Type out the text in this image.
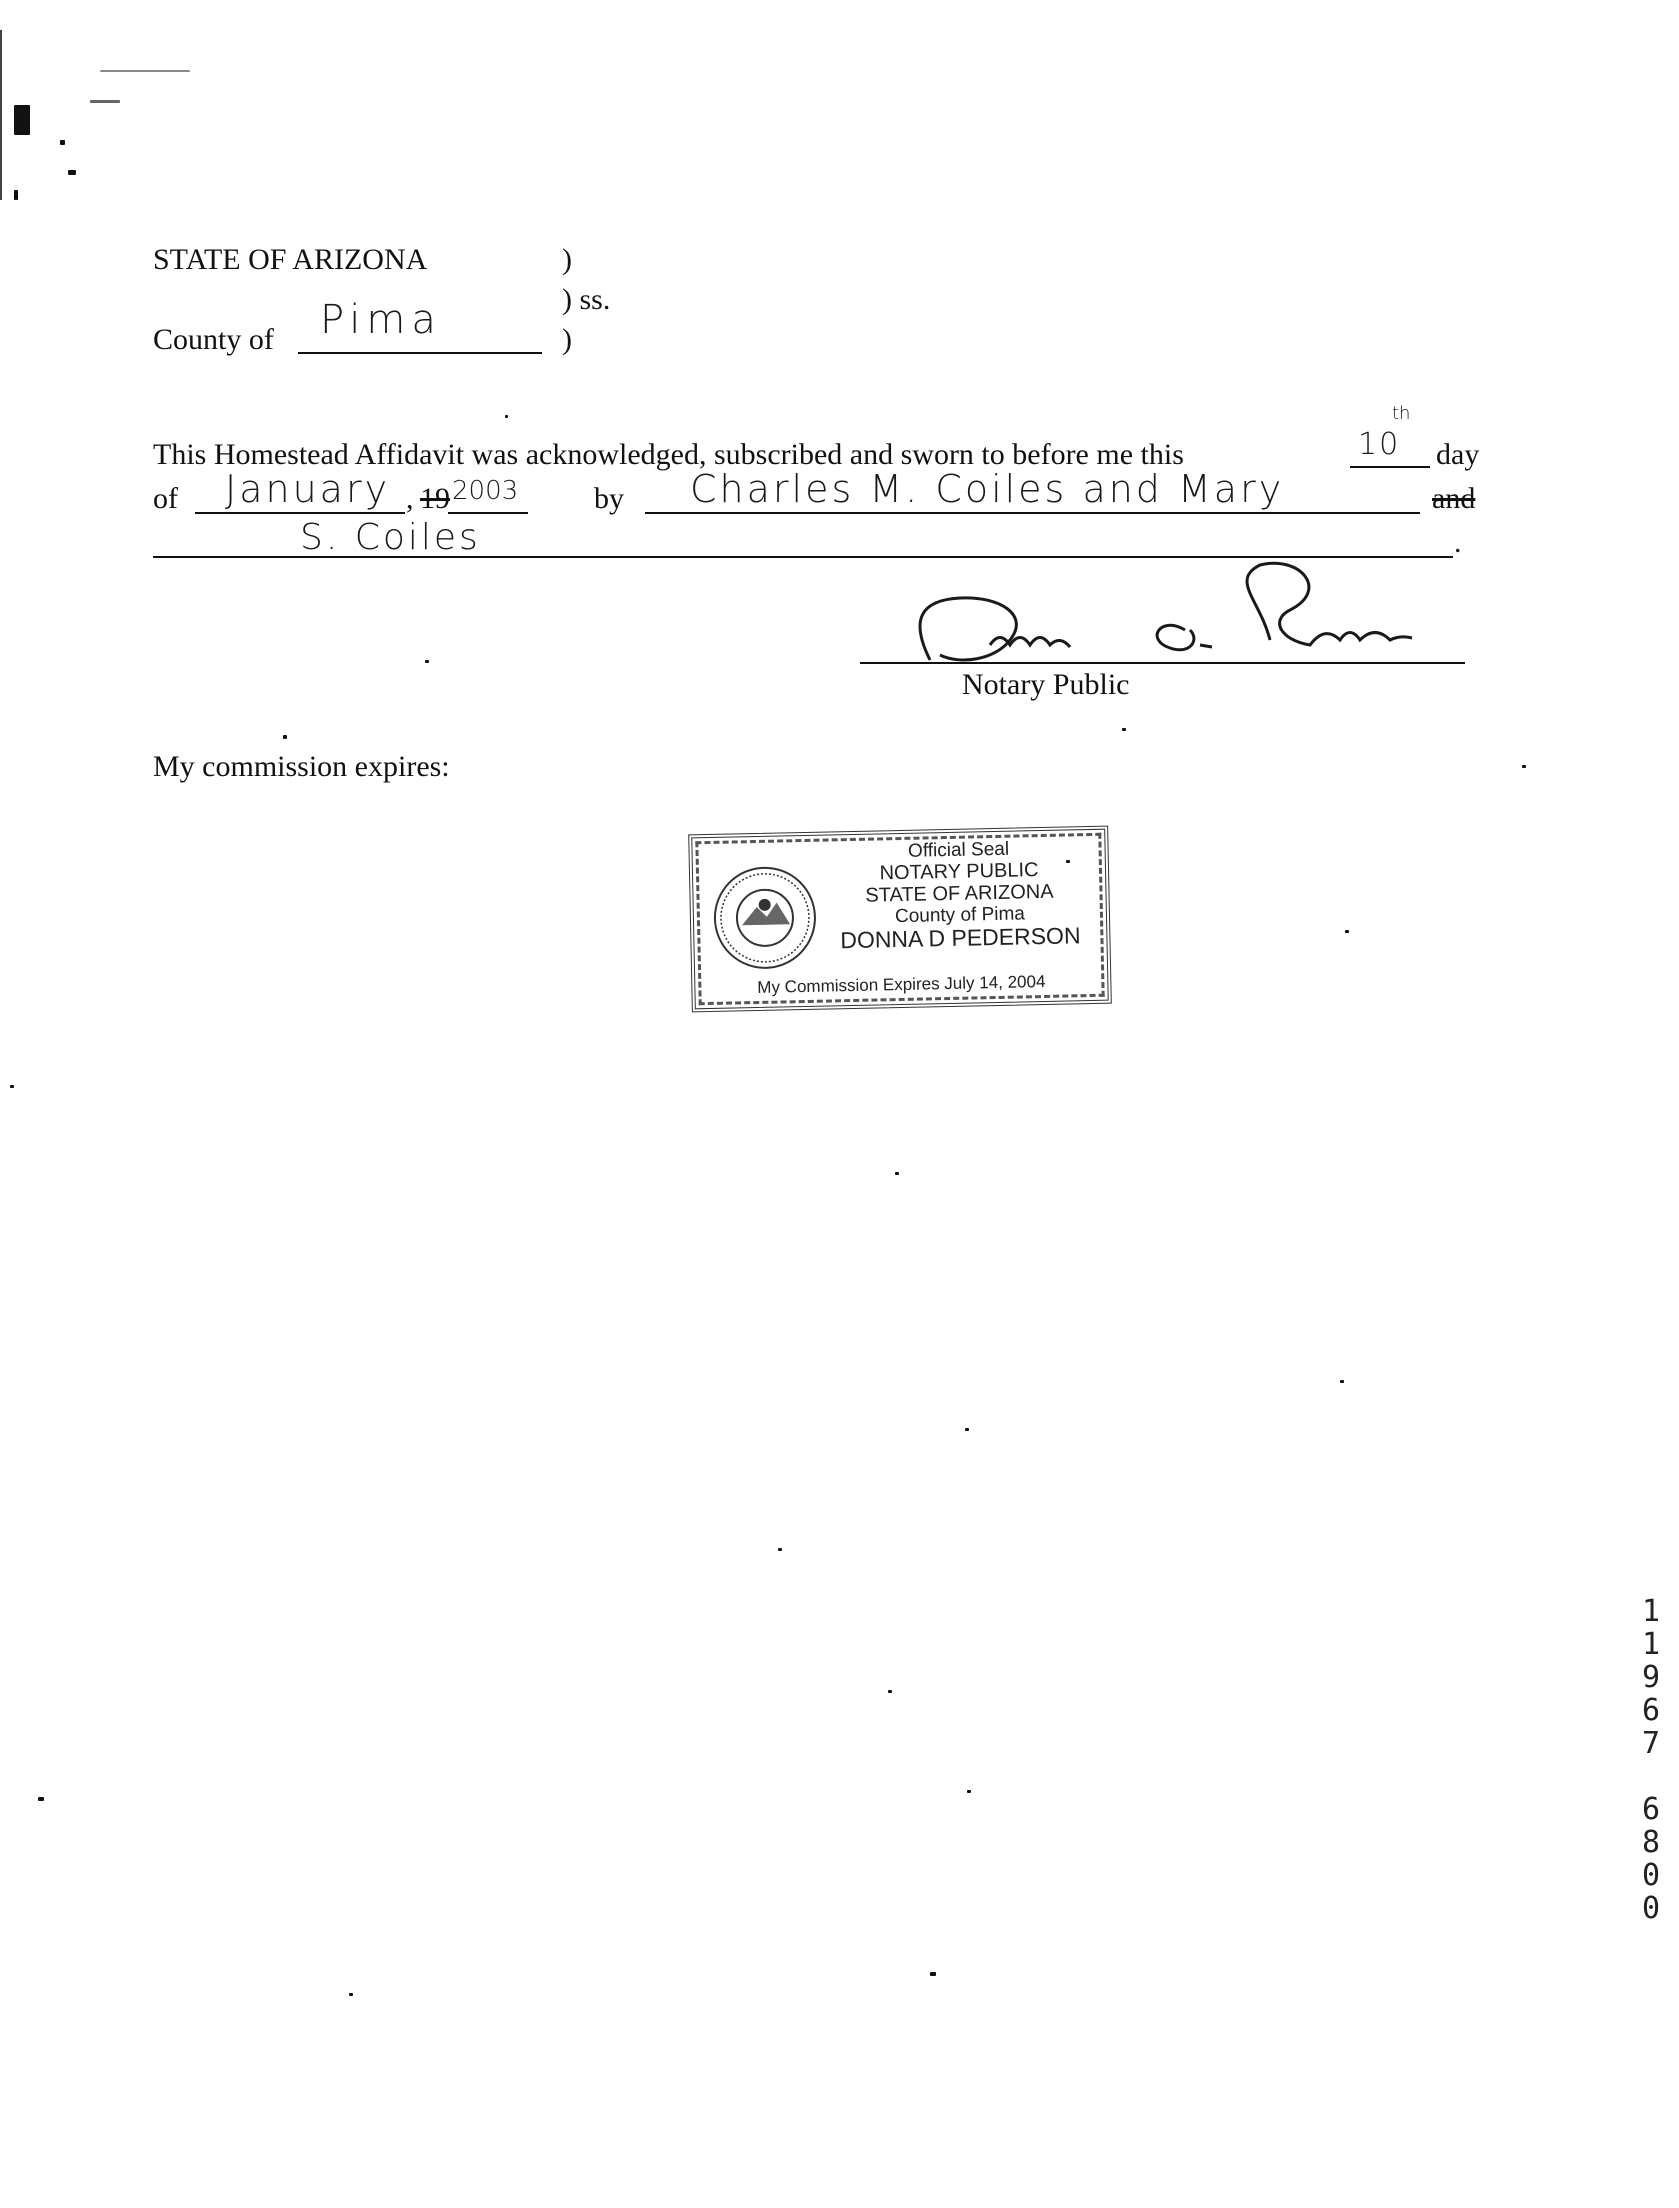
STATE OF ARIZONA	)
) ss.
County of Pima	)
This Homestead Affidavit was acknowledged, subscribed and sworn to before me this	10
th
day
of January , 19 2003	by Charles M. Coiles and Mary	and
S. Coiles	.
Notary Public
My commission expires:
Official Seal
NOTARY PUBLIC
STATE OF ARIZONA
County of Pima
DONNA D PEDERSON
My Commission Expires July 14, 2004
1
1
9
6
7
6
8
0
0
